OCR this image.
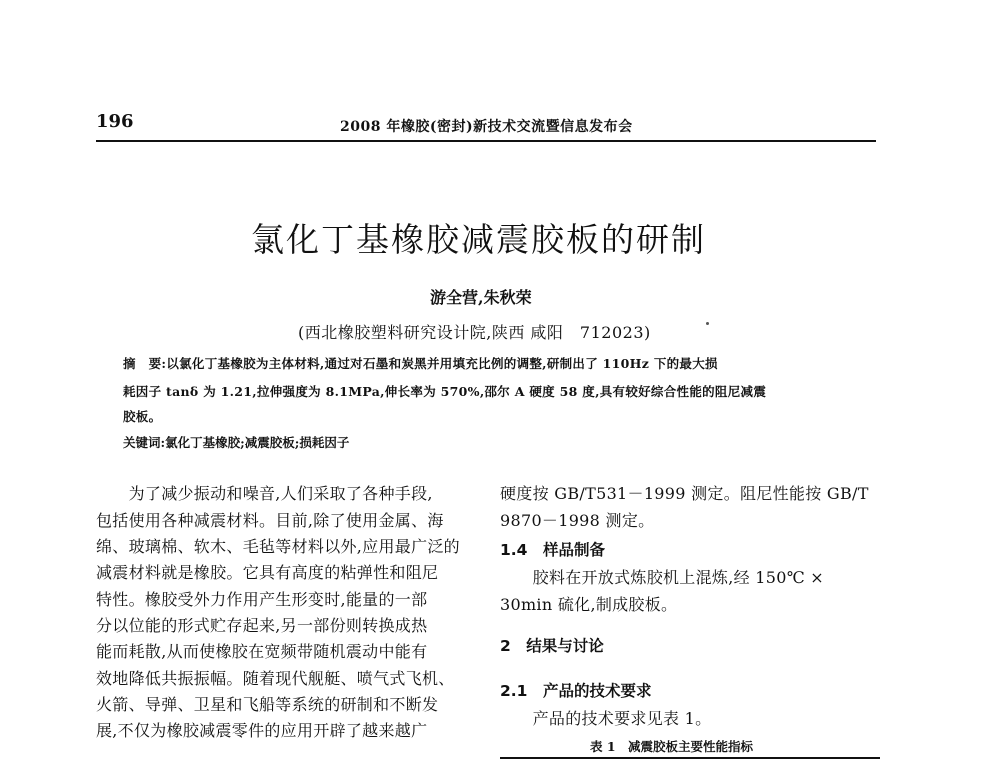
196	2008 年橡胶(密封)新技术交流暨信息发布会
氯化丁基橡胶减震胶板的研制
游全营,朱秋荣
(西北橡胶塑料研究设计院,陕西 咸阳　712023)
摘　要:以氯化丁基橡胶为主体材料,通过对石墨和炭黑并用填充比例的调整,研制出了 110Hz 下的最大损
耗因子 tanδ 为 1.21,拉伸强度为 8.1MPa,伸长率为 570%,邵尔 A 硬度 58 度,具有较好综合性能的阻尼减震
胶板。
关键词:氯化丁基橡胶;减震胶板;损耗因子
　　为了减少振动和噪音,人们采取了各种手段,
包括使用各种减震材料。目前,除了使用金属、海
绵、玻璃棉、软木、毛毡等材料以外,应用最广泛的
减震材料就是橡胶。它具有高度的粘弹性和阻尼
特性。橡胶受外力作用产生形变时,能量的一部
分以位能的形式贮存起来,另一部份则转换成热
能而耗散,从而使橡胶在宽频带随机震动中能有
效地降低共振振幅。随着现代舰艇、喷气式飞机、
火箭、导弹、卫星和飞船等系统的研制和不断发
展,不仅为橡胶减震零件的应用开辟了越来越广
硬度按 GB/T531－1999 测定。阻尼性能按 GB/T
9870－1998 测定。
1.4　样品制备
　　胶料在开放式炼胶机上混炼,经 150℃ ×
30min 硫化,制成胶板。
2　结果与讨论
2.1　产品的技术要求
　　产品的技术要求见表 1。
表 1　减震胶板主要性能指标
